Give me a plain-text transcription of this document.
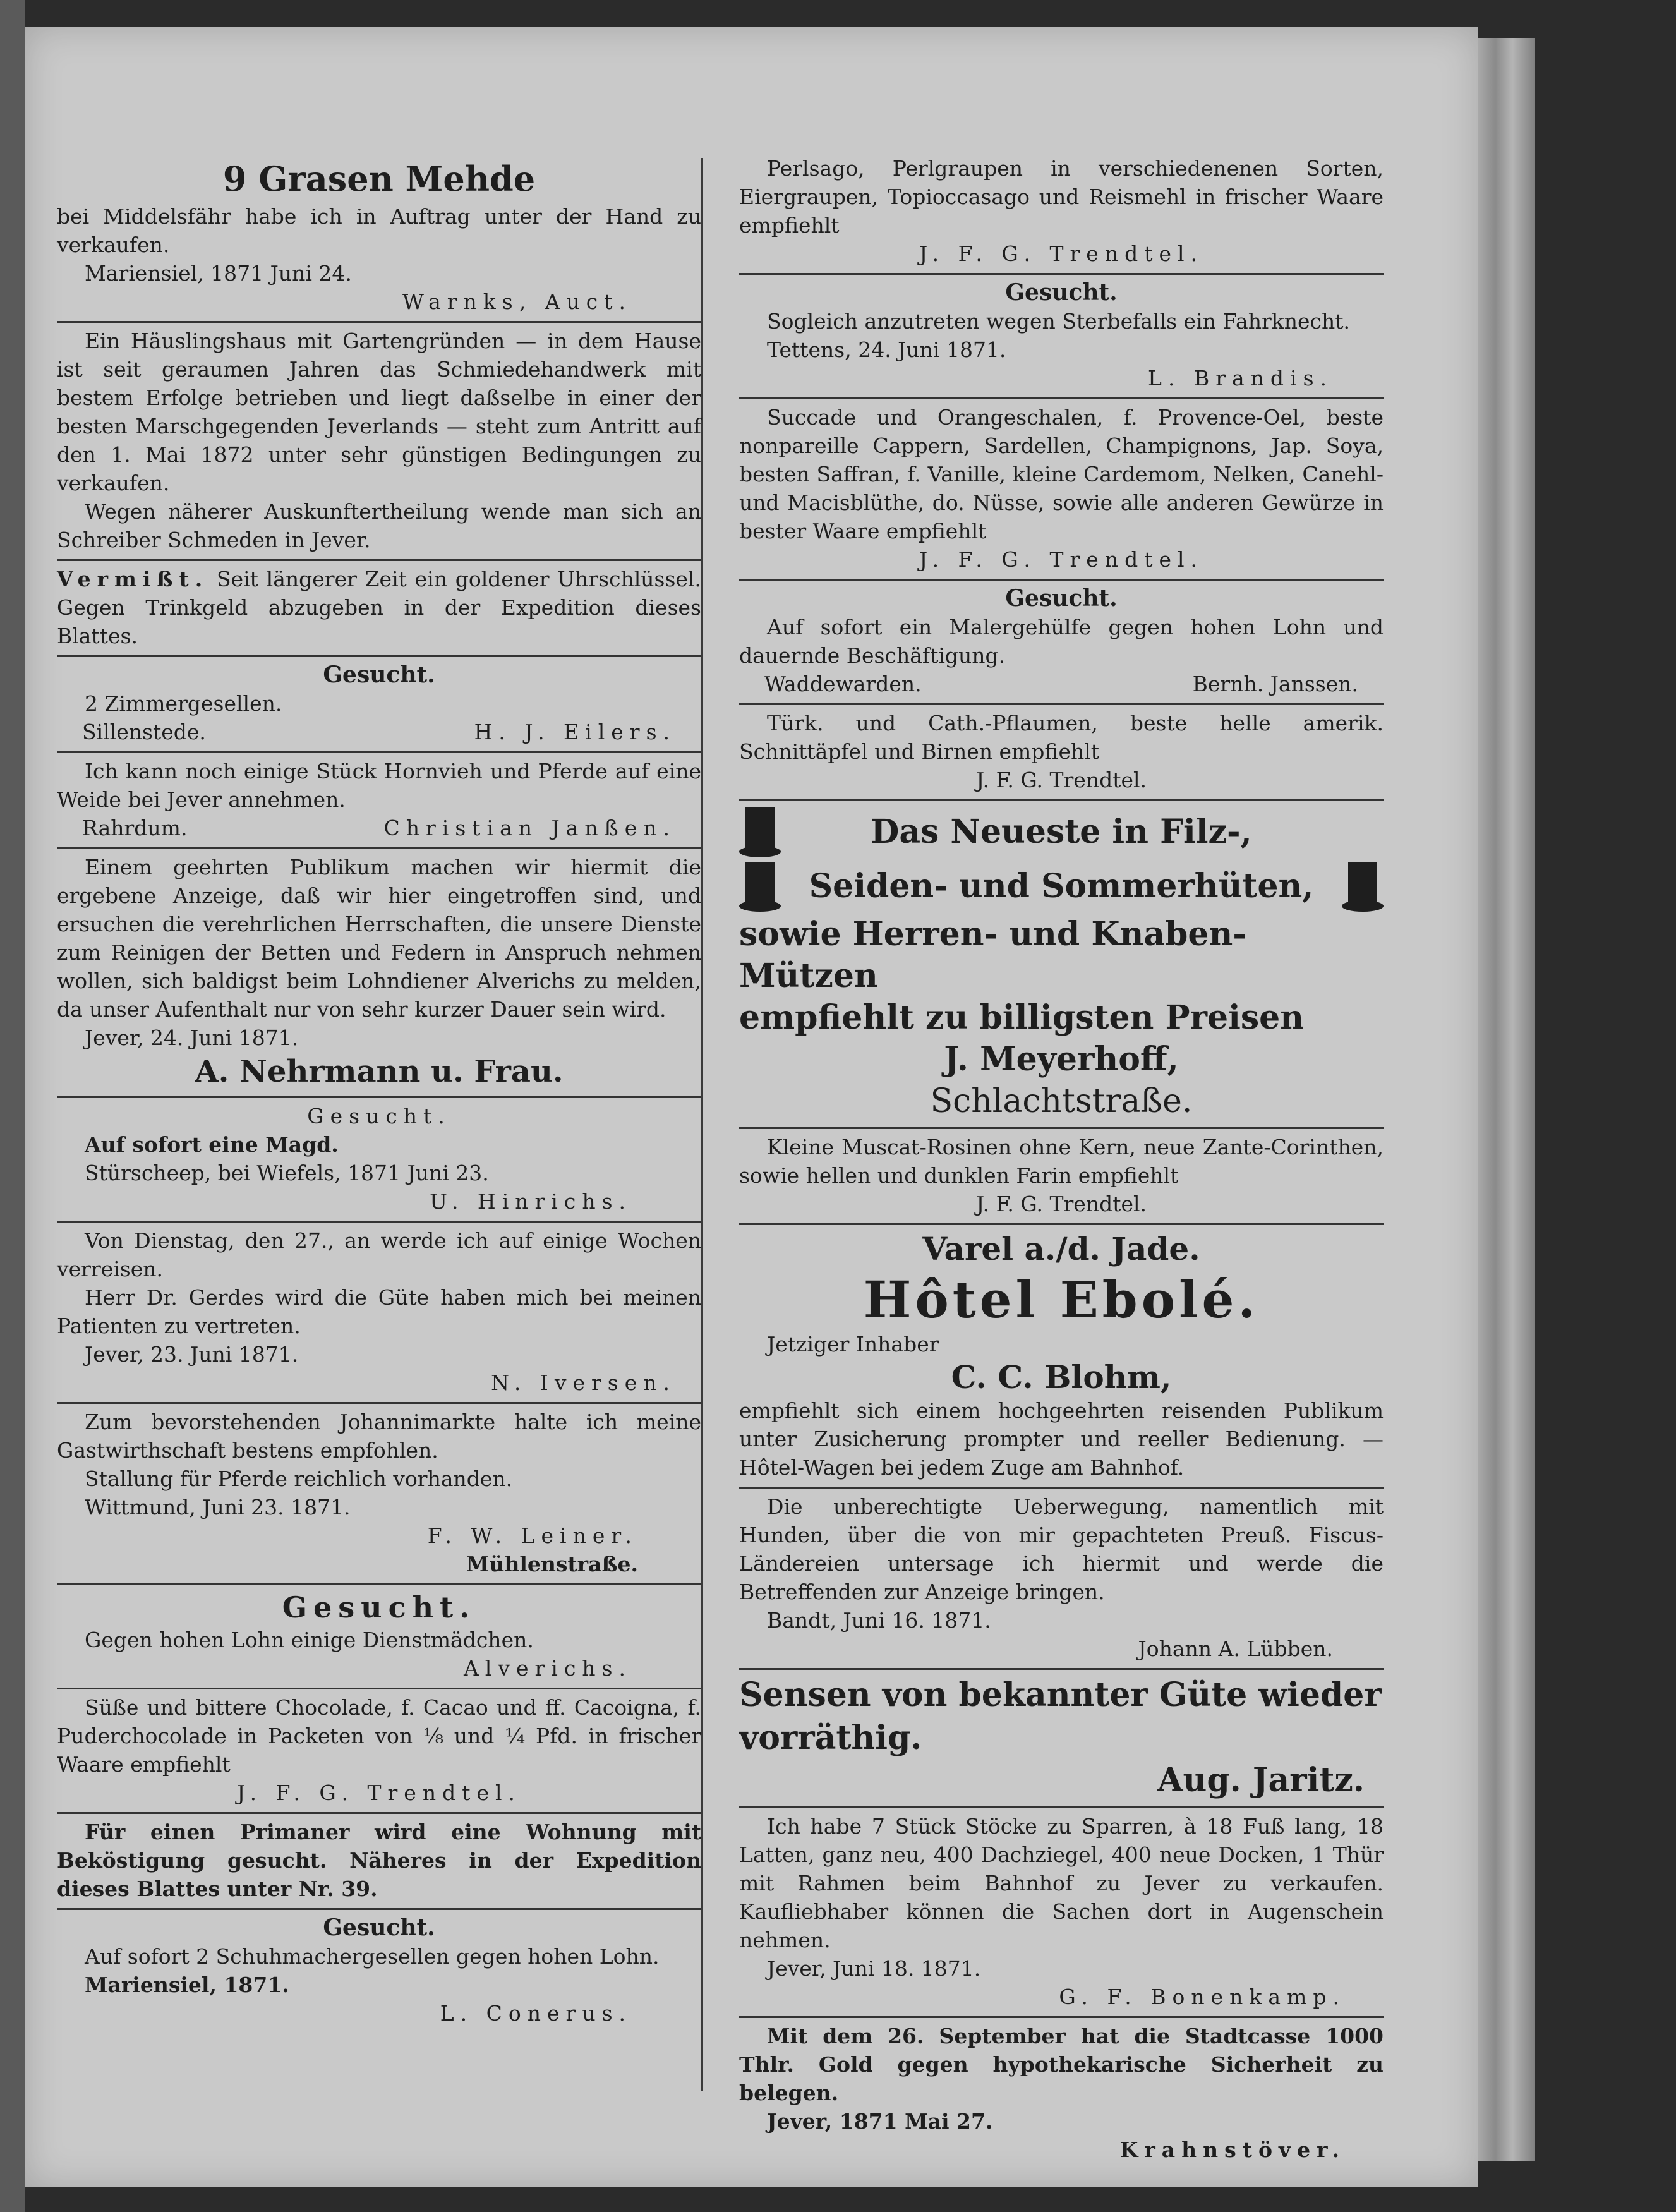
9 Grasen Mehde

bei Middelsfähr habe ich in Auftrag unter der Hand zu verkaufen.

Mariensiel, 1871 Juni 24.

Warnks, Auct.

Ein Häuslingshaus mit Gartengründen — in dem Hause ist seit geraumen Jahren das Schmiedehandwerk mit bestem Erfolge betrieben und liegt daßselbe in einer der besten Marschgegenden Jeverlands — steht zum Antritt auf den 1. Mai 1872 unter sehr günstigen Bedingungen zu verkaufen.

Wegen näherer Auskunftertheilung wende man sich an Schreiber Schmeden in Jever.

Vermißt. Seit längerer Zeit ein goldener Uhrschlüssel. Gegen Trinkgeld abzugeben in der Expedition dieses Blattes.

Gesucht.

2 Zimmergesellen.

Sillenstede.	H. J. Eilers.

Ich kann noch einige Stück Hornvieh und Pferde auf eine Weide bei Jever annehmen.

Rahrdum.	Christian Janßen.

Einem geehrten Publikum machen wir hiermit die ergebene Anzeige, daß wir hier eingetroffen sind, und ersuchen die verehrlichen Herrschaften, die unsere Dienste zum Reinigen der Betten und Federn in Anspruch nehmen wollen, sich baldigst beim Lohndiener Alverichs zu melden, da unser Aufenthalt nur von sehr kurzer Dauer sein wird.

Jever, 24. Juni 1871.

A. Nehrmann u. Frau.
Gesucht.

Auf sofort eine Magd.

Stürscheep, bei Wiefels, 1871 Juni 23.

U. Hinrichs.

Von Dienstag, den 27., an werde ich auf einige Wochen verreisen.

Herr Dr. Gerdes wird die Güte haben mich bei meinen Patienten zu vertreten.

Jever, 23. Juni 1871.

N. Iversen.

Zum bevorstehenden Johannimarkte halte ich meine Gastwirthschaft bestens empfohlen.

Stallung für Pferde reichlich vorhanden.

Wittmund, Juni 23. 1871.

F. W. Leiner.

Mühlenstraße.

Gesucht.

Gegen hohen Lohn einige Dienstmädchen.

Alverichs.

Süße und bittere Chocolade, f. Cacao und ff. Cacoigna, f. Puderchocolade in Packeten von ⅛ und ¼ Pfd. in frischer Waare empfiehlt

J. F. G. Trendtel.

Für einen Primaner wird eine Wohnung mit Beköstigung gesucht. Näheres in der Expedition dieses Blattes unter Nr. 39.

Gesucht.

Auf sofort 2 Schuhmachergesellen gegen hohen Lohn.

Mariensiel, 1871.

L. Conerus.

Perlsago, Perlgraupen in verschiedenenen Sorten, Eiergraupen, Topioccasago und Reismehl in frischer Waare empfiehlt

J. F. G. Trendtel.

Gesucht.

Sogleich anzutreten wegen Sterbefalls ein Fahrknecht.

Tettens, 24. Juni 1871.

L. Brandis.

Succade und Orangeschalen, f. Provence-Oel, beste nonpareille Cappern, Sardellen, Champignons, Jap. Soya, besten Saffran, f. Vanille, kleine Cardemom, Nelken, Canehl- und Macisblüthe, do. Nüsse, sowie alle anderen Gewürze in bester Waare empfiehlt

J. F. G. Trendtel.

Gesucht.

Auf sofort ein Malergehülfe gegen hohen Lohn und dauernde Beschäftigung.

Waddewarden.	Bernh. Janssen.

Türk. und Cath.-Pflaumen, beste helle amerik. Schnittäpfel und Birnen empfiehlt

J. F. G. Trendtel.

Das Neueste in Filz-,
Seiden- und Sommerhüten,
sowie Herren- und Knaben-Mützen
empfiehlt zu billigsten Preisen
J. Meyerhoff,
Schlachtstraße.

Kleine Muscat-Rosinen ohne Kern, neue Zante-Corinthen, sowie hellen und dunklen Farin empfiehlt

J. F. G. Trendtel.

Varel a./d. Jade.
Hôtel Ebolé.

Jetziger Inhaber

C. C. Blohm,

empfiehlt sich einem hochgeehrten reisenden Publikum unter Zusicherung prompter und reeller Bedienung. — Hôtel-Wagen bei jedem Zuge am Bahnhof.

Die unberechtigte Ueberwegung, namentlich mit Hunden, über die von mir gepachteten Preuß. Fiscus-Ländereien untersage ich hiermit und werde die Betreffenden zur Anzeige bringen.

Bandt, Juni 16. 1871.

Johann A. Lübben.

Sensen von bekannter Güte wieder vorräthig.

Aug. Jaritz.

Ich habe 7 Stück Stöcke zu Sparren, à 18 Fuß lang, 18 Latten, ganz neu, 400 Dachziegel, 400 neue Docken, 1 Thür mit Rahmen beim Bahnhof zu Jever zu verkaufen. Kaufliebhaber können die Sachen dort in Augenschein nehmen.

Jever, Juni 18. 1871.

G. F. Bonenkamp.

Mit dem 26. September hat die Stadtcasse 1000 Thlr. Gold gegen hypothekarische Sicherheit zu belegen.

Jever, 1871 Mai 27.

Krahnstöver.
